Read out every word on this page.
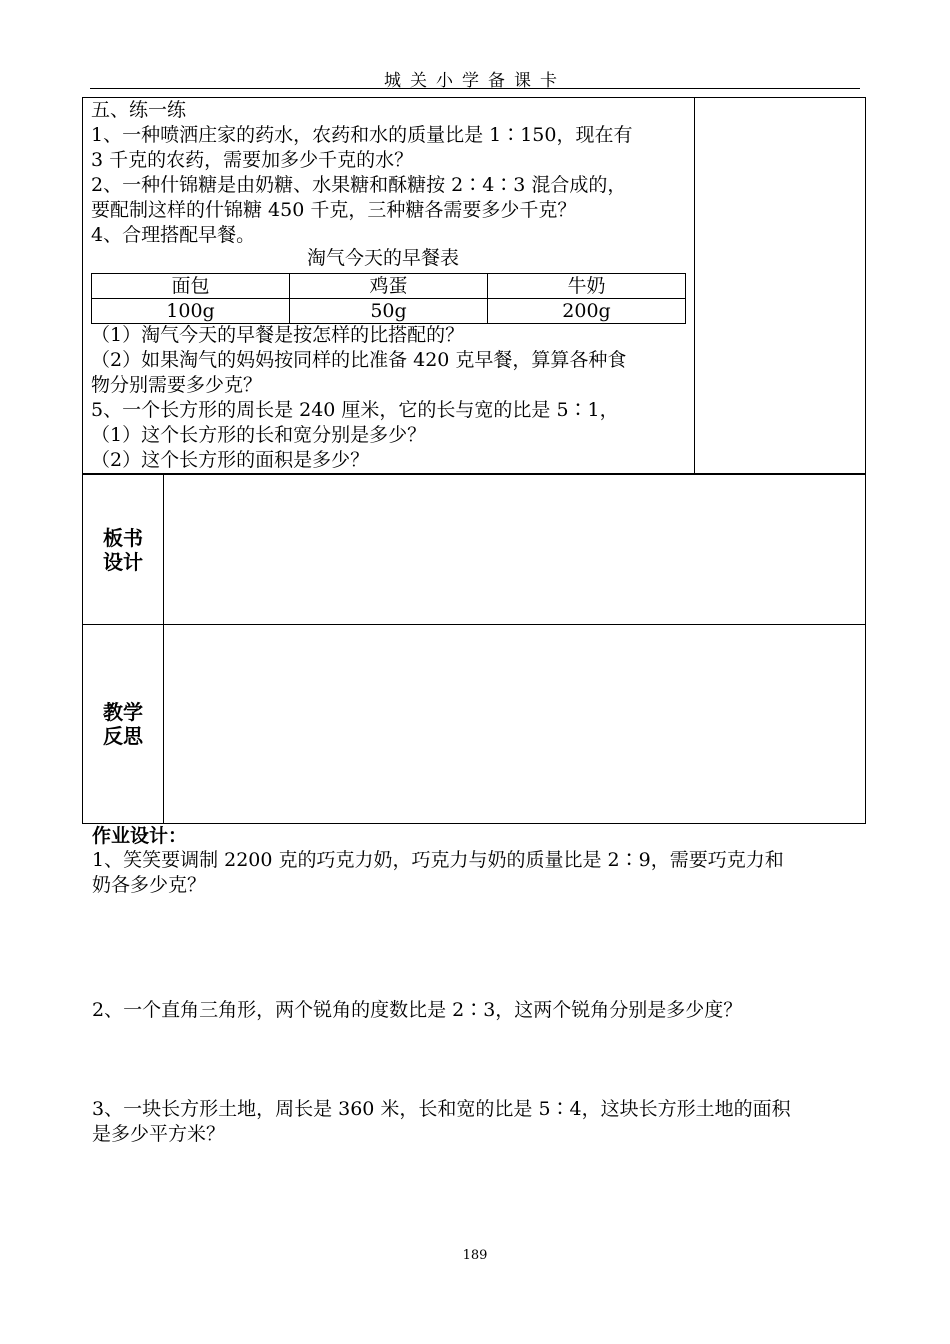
城关小学备课卡

五、练一练

1、一种喷洒庄家的药水，农药和水的质量比是 1∶150，现在有

3 千克的农药，需要加多少千克的水？

2、一种什锦糖是由奶糖、水果糖和酥糖按 2∶4∶3 混合成的，

要配制这样的什锦糖 450 千克，三种糖各需要多少千克？

4、合理搭配早餐。

淘气今天的早餐表
面包	鸡蛋	牛奶
100g	50g	200g

（1）淘气今天的早餐是按怎样的比搭配的？

（2）如果淘气的妈妈按同样的比准备 420 克早餐，算算各种食

物分别需要多少克？

5、一个长方形的周长是 240 厘米，它的长与宽的比是 5∶1，

（1）这个长方形的长和宽分别是多少？

（2）这个长方形的面积是多少？

板书
设计
教学
反思

作业设计：

1、笑笑要调制 2200 克的巧克力奶，巧克力与奶的质量比是 2∶9，需要巧克力和

奶各多少克？

2、一个直角三角形，两个锐角的度数比是 2∶3，这两个锐角分别是多少度？

3、一块长方形土地，周长是 360 米，长和宽的比是 5∶4，这块长方形土地的面积

是多少平方米？

189
